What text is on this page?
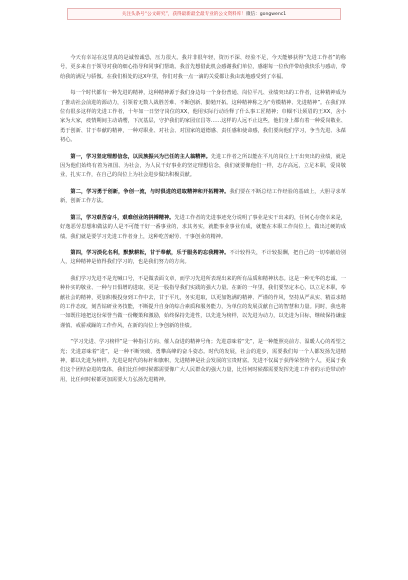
关注头条号“公文研究”，获得最新最全最专业的公文资料库！ 微信：gongwenc1

今天有幸站在这里真的是诚惶诚恐，压力很大。我并非很年轻，资历不深、经验不足，今天能够获得“先进工作者”的称号，更多来自于领导对我的细心指导和同事们帮助。我首先想借此机会感谢我们单位，感谢每一位伙伴带给我快乐与感动，带给我的满足与骄傲。在我们相处的这X年里，你们对我一点一滴的关爱都让我由衷地感受到了幸福。

每一个时代都有一种先进的精神，这种精神源于我们身边每一个身份普通、岗位平凡、业绩突出的工作者，这种精神成为了推动社会前进的源动力，引领着无数人战胜苦难、不断创新、勤勉开拓。这种精神称之为“劳模精神、先进精神”。在我们单位有很多这样的先进工作者，十年如一日坚守岗位的XX，他用实际行动诠释了什么事工匠精神；巾帼不让须眉的王XX，舍小家为大家，疫情期间主动请缨，下沉基层，守护我们的家园宜昌等……这样的人远不止这些，他们身上都有着一种爱岗敬业、勇于创新、甘于奉献的精神，一种对职业、对社会、对国家的道德感、责任感和使命感，我们要向他们学习，争当先进、永葆初心。

第一，学习坚定理想信念，以民族振兴为已任的主人翁精神。先进工作者之所以能在平凡的岗位上干出突出的业绩，就是因为他们始终有着为祖国、为社会，为人民干好事业的坚定理想信念，我们就要像他们一样，志存高远，立足本职，爱岗敬业，扎实工作，在自己的岗位上为社会进步做出积极贡献。

第二，学习勇于创新，争创一流，与时俱进的进取精神和开拓精神。我们要在不断总结工作经验的基础上，大胆寻求革新，创新工作方法。

第三，学习艰苦奋斗，艰难创业的拼搏精神。先进工作者的先进事迹充分说明了事业是实干出来的，任何心存侥幸来是，好逸恶劳思想和做法的人是不可能干好一番事业的，求其务实，就能事业事业有成，就能在本职工作岗位上，做出过硬的成绩。我们就是要学习先进工作者身上，这种吃苦耐劳、干事创业的精神。

第四，学习淡化名利，默默耕耘，甘于奉献，乐于服务的忘我精神。不计较得失，不计较报酬，把自己的一切奉献给别人，这种精神是值得我们学习的，也是我们努力的方向。

我们学习先进不是光喊口号，不是做表面文章，而学习先进所表现出来的所有品质和精神状态。这是一种无华的忠诚、一种朴实的敬业、一种与日俱增的进取，更是一股指导我们实践的强大力量。在新的一年里，我们要坚定本心，以立足本职，奉献社会的精神，更加积极投身到工作中去，甘于平凡，务实进取，以更加饱满的精神、严谨的作风，坚持从严从实、精益求精的工作态度，刻苦钻研业务技能，不断提升自身的综合素质和服务能力，为单位的发展贡献自己的智慧和力量。同时，我也将一如既往地把这份荣誉当做一份鞭策和激励，始终保持先进性，以先进为榜样，以先进为动力，以先进为目标，继续保持谦虚谨慎、戒骄戒躁的工作作风，在新的岗位上争创新的佳绩。

“学习先进、学习榜样”是一种指引方向、催人奋进的精神号角；先进意味着“先”，是一种能照亮前方、温暖人心的希望之光；先进意味着“进”，是一种不断突破、勇攀高峰的奋斗姿态。时代的发展，社会的进步，需要我们每一个人都发扬先进精神，都以先进为榜样。先进是时代的标杆和旗帜，先进精神是社会发展的宝贵财富。先进不仅属于获得荣誉的个人，更属于我们这个团结奋进的集体，我们比任何时候都需要像广大人民群众的强大力量，比任何时候都需要发挥先进工作者的示范带动作用，比任何时候都更加需要大力弘扬先进精神。
